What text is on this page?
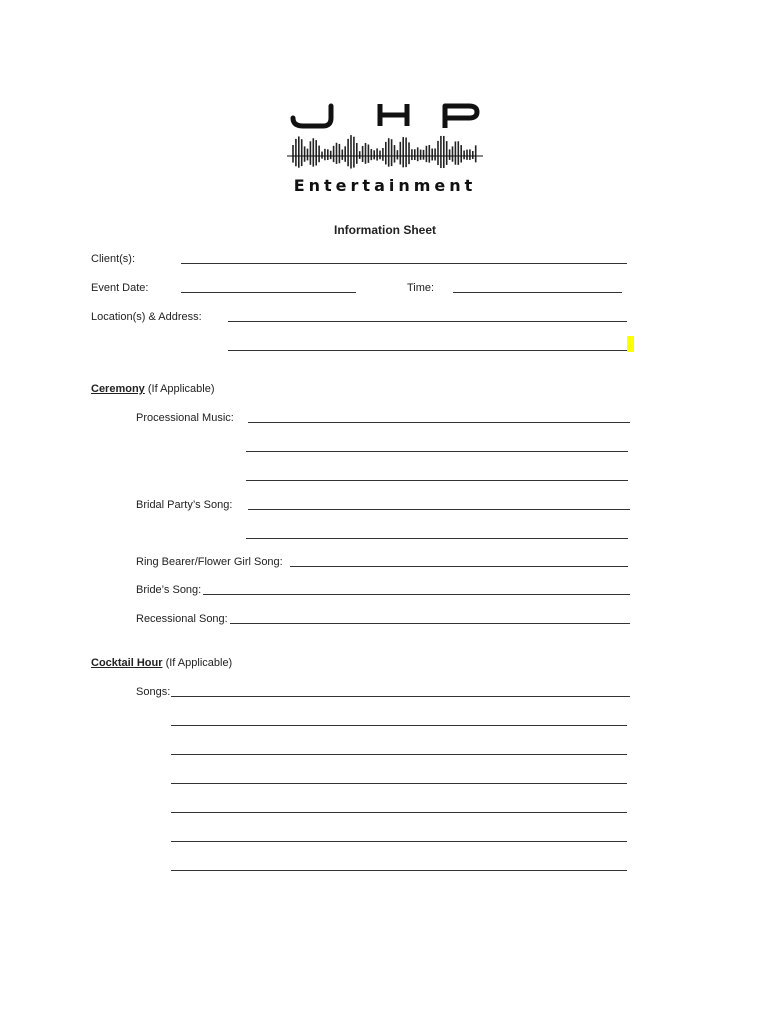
Entertainment
Information Sheet
Client(s):
Event Date:	Time:
Location(s) & Address:
Ceremony (If Applicable)
Processional Music:
Bridal Party’s Song:
Ring Bearer/Flower Girl Song:
Bride’s Song:
Recessional Song:
Cocktail Hour (If Applicable)
Songs:
